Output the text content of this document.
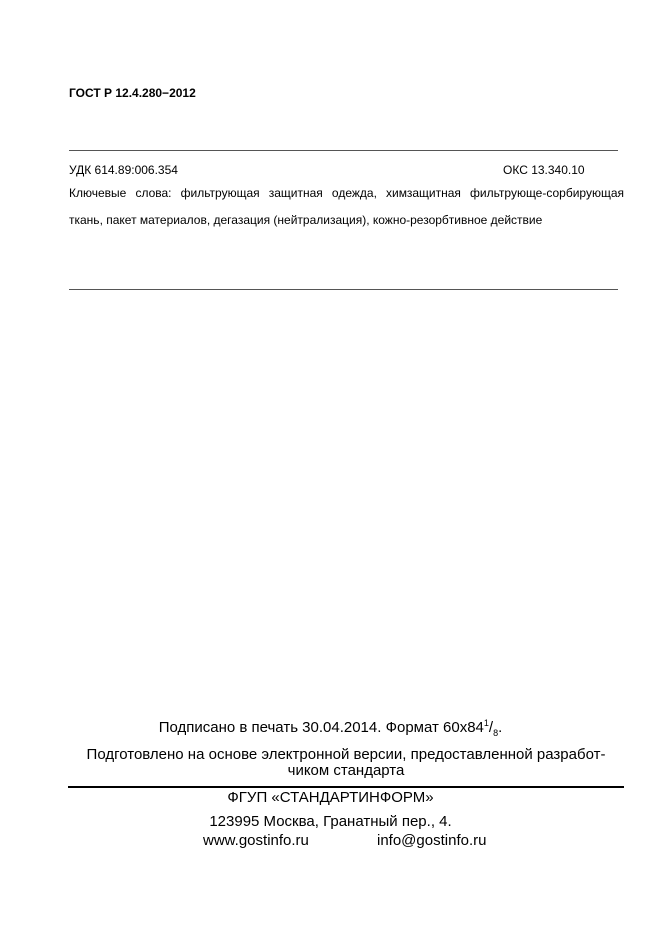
ГОСТ Р 12.4.280−2012
УДК 614.89:006.354	ОКС 13.340.10
Ключевые слова: фильтрующая защитная одежда, химзащитная фильтрующе-сорбирующая ткань, пакет материалов, дегазация (нейтрализация), кожно-резорбтивное действие
Подписано в печать 30.04.2014. Формат $60x84^1/_8$.
Подготовлено на основе электронной версии, предоставленной разработ-чиком стандарта
ФГУП «СТАНДАРТИНФОРМ»
123995 Москва, Гранатный пер., 4.
www.gostinfo.ru	info@gostinfo.ru
